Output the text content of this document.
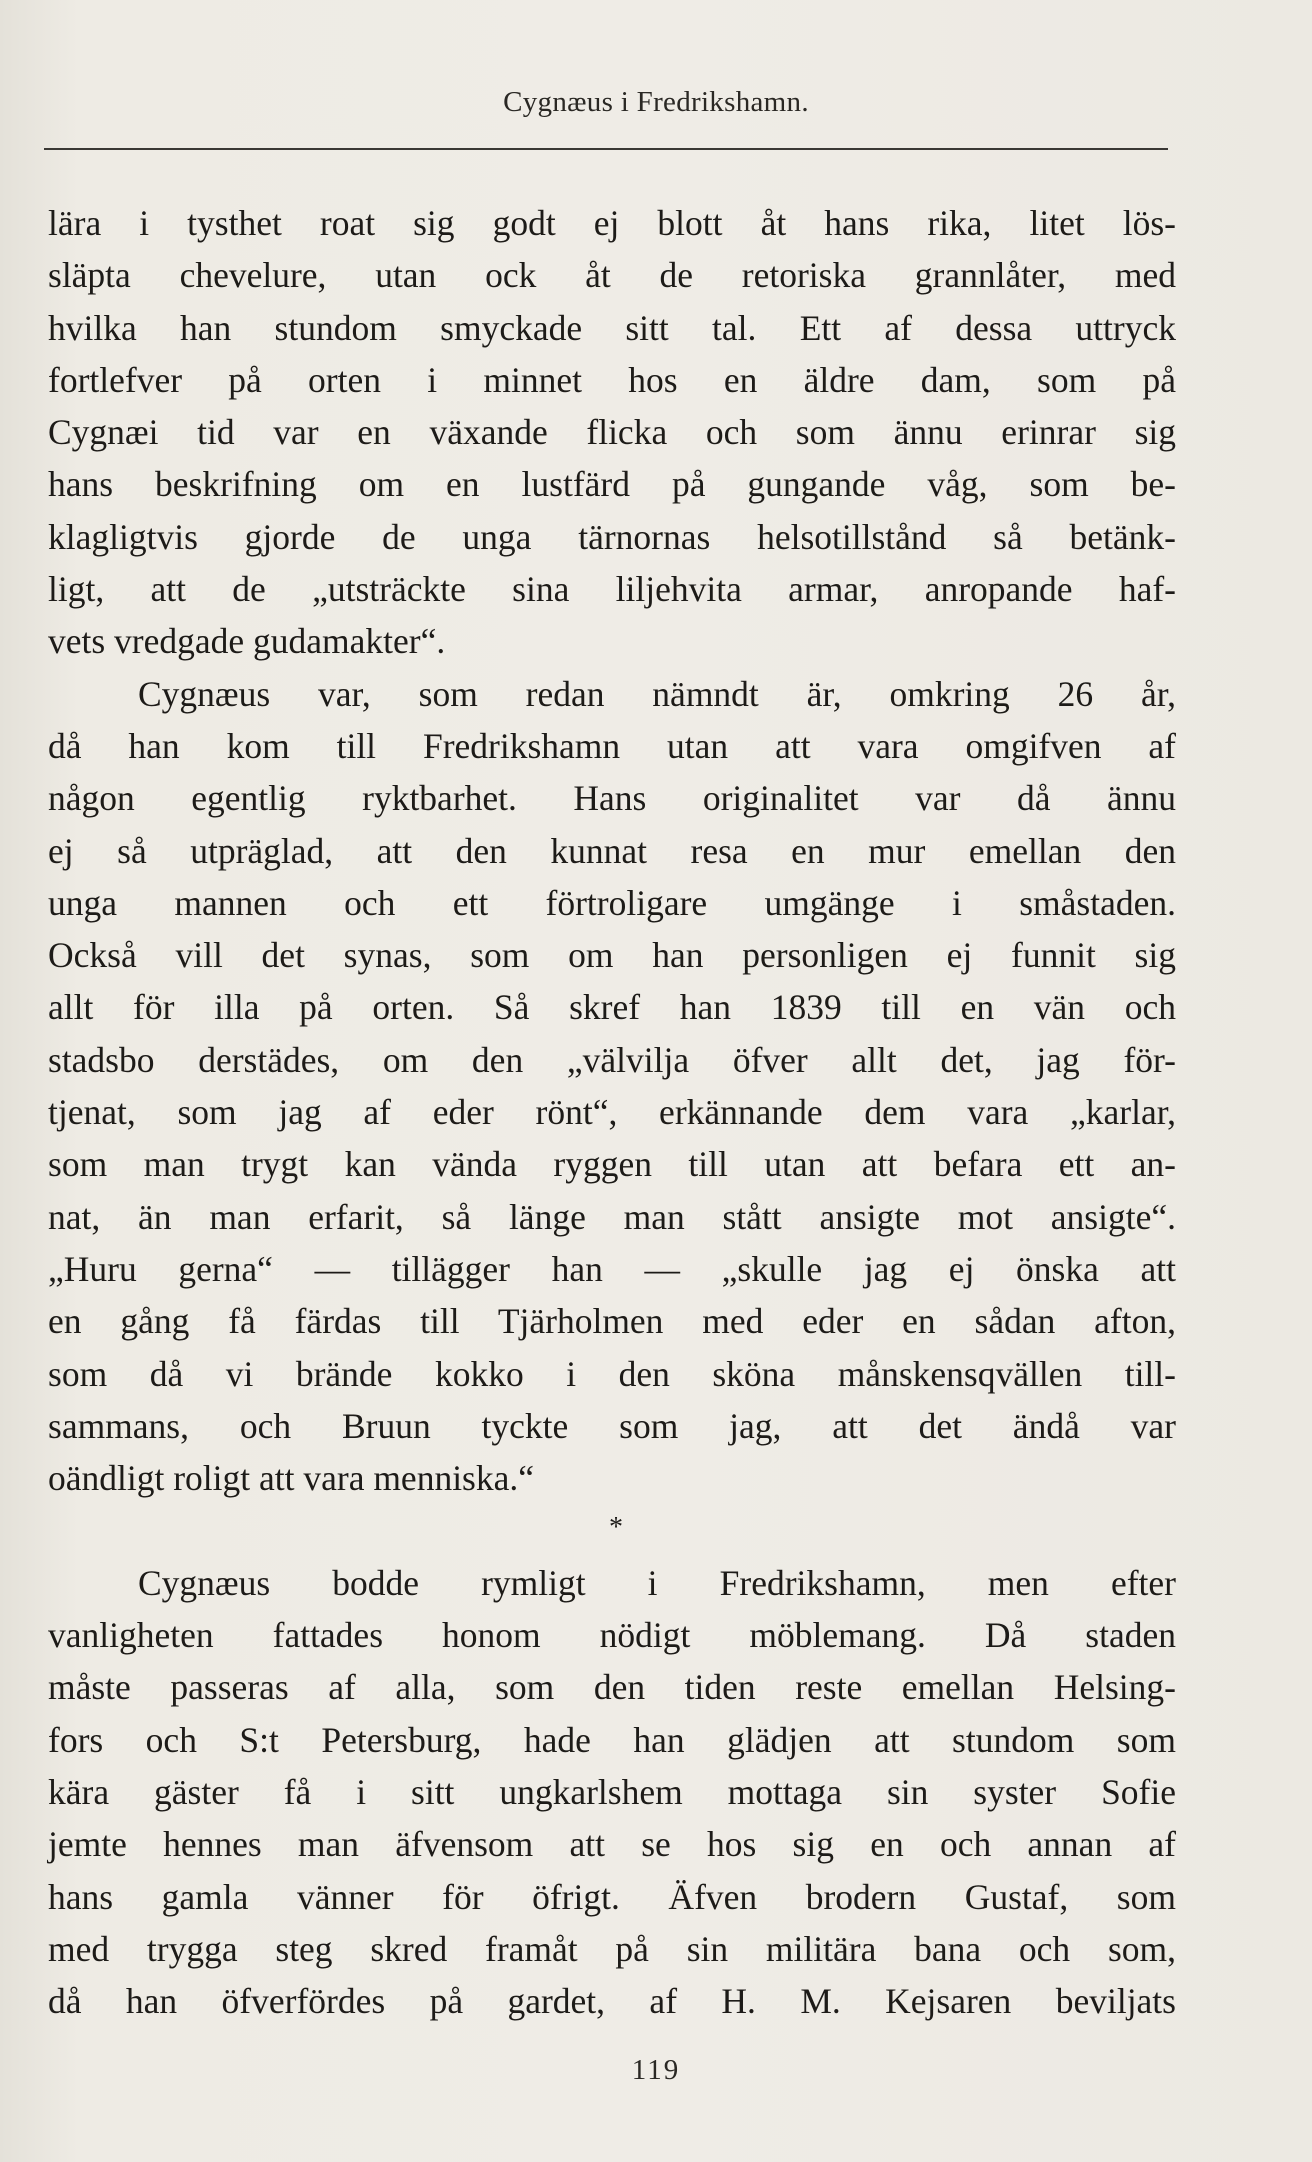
Cygnæus i Fredrikshamn.
lära i tysthet roat sig godt ej blott åt hans rika, litet lös-
släpta chevelure, utan ock åt de retoriska grannlåter, med
hvilka han stundom smyckade sitt tal. Ett af dessa uttryck
fortlefver på orten i minnet hos en äldre dam, som på
Cygnæi tid var en växande flicka och som ännu erinrar sig
hans beskrifning om en lustfärd på gungande våg, som be-
klagligtvis gjorde de unga tärnornas helsotillstånd så betänk-
ligt, att de „utsträckte sina liljehvita armar, anropande haf-
vets vredgade gudamakter“.
Cygnæus var, som redan nämndt är, omkring 26 år,
då han kom till Fredrikshamn utan att vara omgifven af
någon egentlig ryktbarhet. Hans originalitet var då ännu
ej så utpräglad, att den kunnat resa en mur emellan den
unga mannen och ett förtroligare umgänge i småstaden.
Också vill det synas, som om han personligen ej funnit sig
allt för illa på orten. Så skref han 1839 till en vän och
stadsbo derstädes, om den „välvilja öfver allt det, jag för-
tjenat, som jag af eder rönt“, erkännande dem vara „karlar,
som man trygt kan vända ryggen till utan att befara ett an-
nat, än man erfarit, så länge man stått ansigte mot ansigte“.
„Huru gerna“ — tillägger han — „skulle jag ej önska att
en gång få färdas till Tjärholmen med eder en sådan afton,
som då vi brände kokko i den sköna månskensqvällen till-
sammans, och Bruun tyckte som jag, att det ändå var
oändligt roligt att vara menniska.“
*
Cygnæus bodde rymligt i Fredrikshamn, men efter
vanligheten fattades honom nödigt möblemang. Då staden
måste passeras af alla, som den tiden reste emellan Helsing-
fors och S:t Petersburg, hade han glädjen att stundom som
kära gäster få i sitt ungkarlshem mottaga sin syster Sofie
jemte hennes man äfvensom att se hos sig en och annan af
hans gamla vänner för öfrigt. Äfven brodern Gustaf, som
med trygga steg skred framåt på sin militära bana och som,
då han öfverfördes på gardet, af H. M. Kejsaren beviljats
119
